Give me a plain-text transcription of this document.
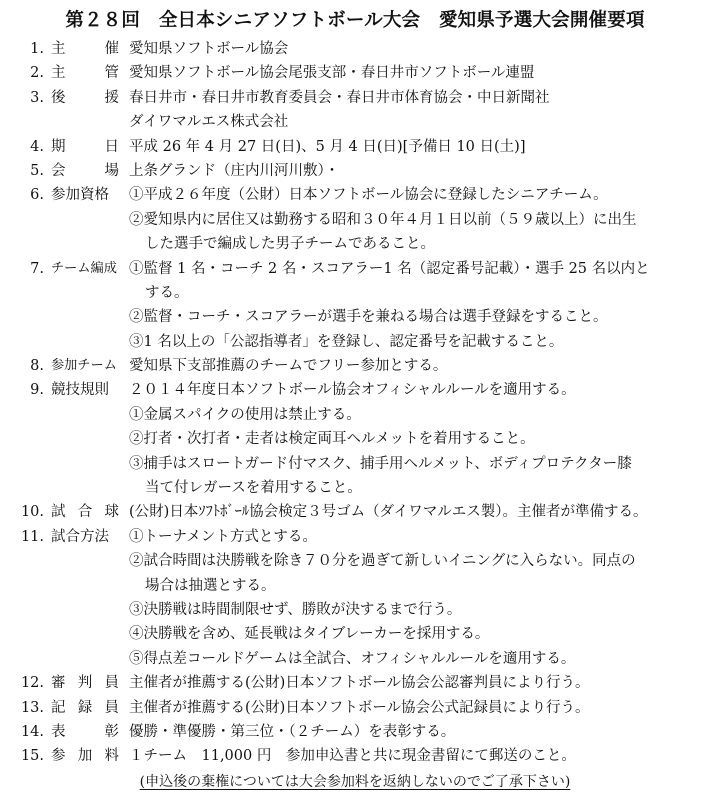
第２８回　全日本シニアソフトボール大会　愛知県予選大会開催要項
1. 主	催 愛知県ソフトボール協会
2. 主	管 愛知県ソフトボール協会尾張支部・春日井市ソフトボール連盟
3. 後	援 春日井市・春日井市教育委員会・春日井市体育協会・中日新聞社
ダイワマルエス株式会社
4. 期	日 平成 26 年 4 月 27 日(日)、5 月 4 日(日)[予備日 10 日(土)]
5. 会	場 上条グランド（庄内川河川敷）・
6. 参加資格	①平成２６年度（公財）日本ソフトボール協会に登録したシニアチーム。
②愛知県内に居住又は勤務する昭和３０年４月１日以前（５９歳以上）に出生
した選手で編成した男子チームであること。
7. チーム編成 ①監督 1 名・コーチ 2 名・スコアラー1 名（認定番号記載）・選手 25 名以内と
する。
②監督・コーチ・スコアラーが選手を兼ねる場合は選手登録をすること。
③1 名以上の「公認指導者」を登録し、認定番号を記載すること。
8. 参加チーム 愛知県下支部推薦のチームでフリー参加とする。
9. 競技規則	２０１４年度日本ソフトボール協会オフィシャルルールを適用する。
①金属スパイクの使用は禁止する。
②打者・次打者・走者は検定両耳ヘルメットを着用すること。
③捕手はスロートガード付マスク、捕手用ヘルメット、ボディプロテクター膝
当て付レガースを着用すること。
10. 試 合 球 (公財)日本ｿﾌﾄﾎﾞｰﾙ協会検定３号ゴム（ダイワマルエス製）。主催者が準備する。
11. 試合方法	①トーナメント方式とする。
②試合時間は決勝戦を除き７０分を過ぎて新しいイニングに入らない。同点の
場合は抽選とする。
③決勝戦は時間制限せず、勝敗が決するまで行う。
④決勝戦を含め、延長戦はタイブレーカーを採用する。
⑤得点差コールドゲームは全試合、オフィシャルルールを適用する。
12. 審 判 員 主催者が推薦する(公財)日本ソフトボール協会公認審判員により行う。
13. 記 録 員 主催者が推薦する(公財)日本ソフトボール協会公式記録員により行う。
14. 表	彰 優勝・準優勝・第三位・（２チーム）を表彰する。
15. 参 加 料 １チーム　11,000 円　参加申込書と共に現金書留にて郵送のこと。
(申込後の棄権については大会参加料を返納しないのでご了承下さい)
